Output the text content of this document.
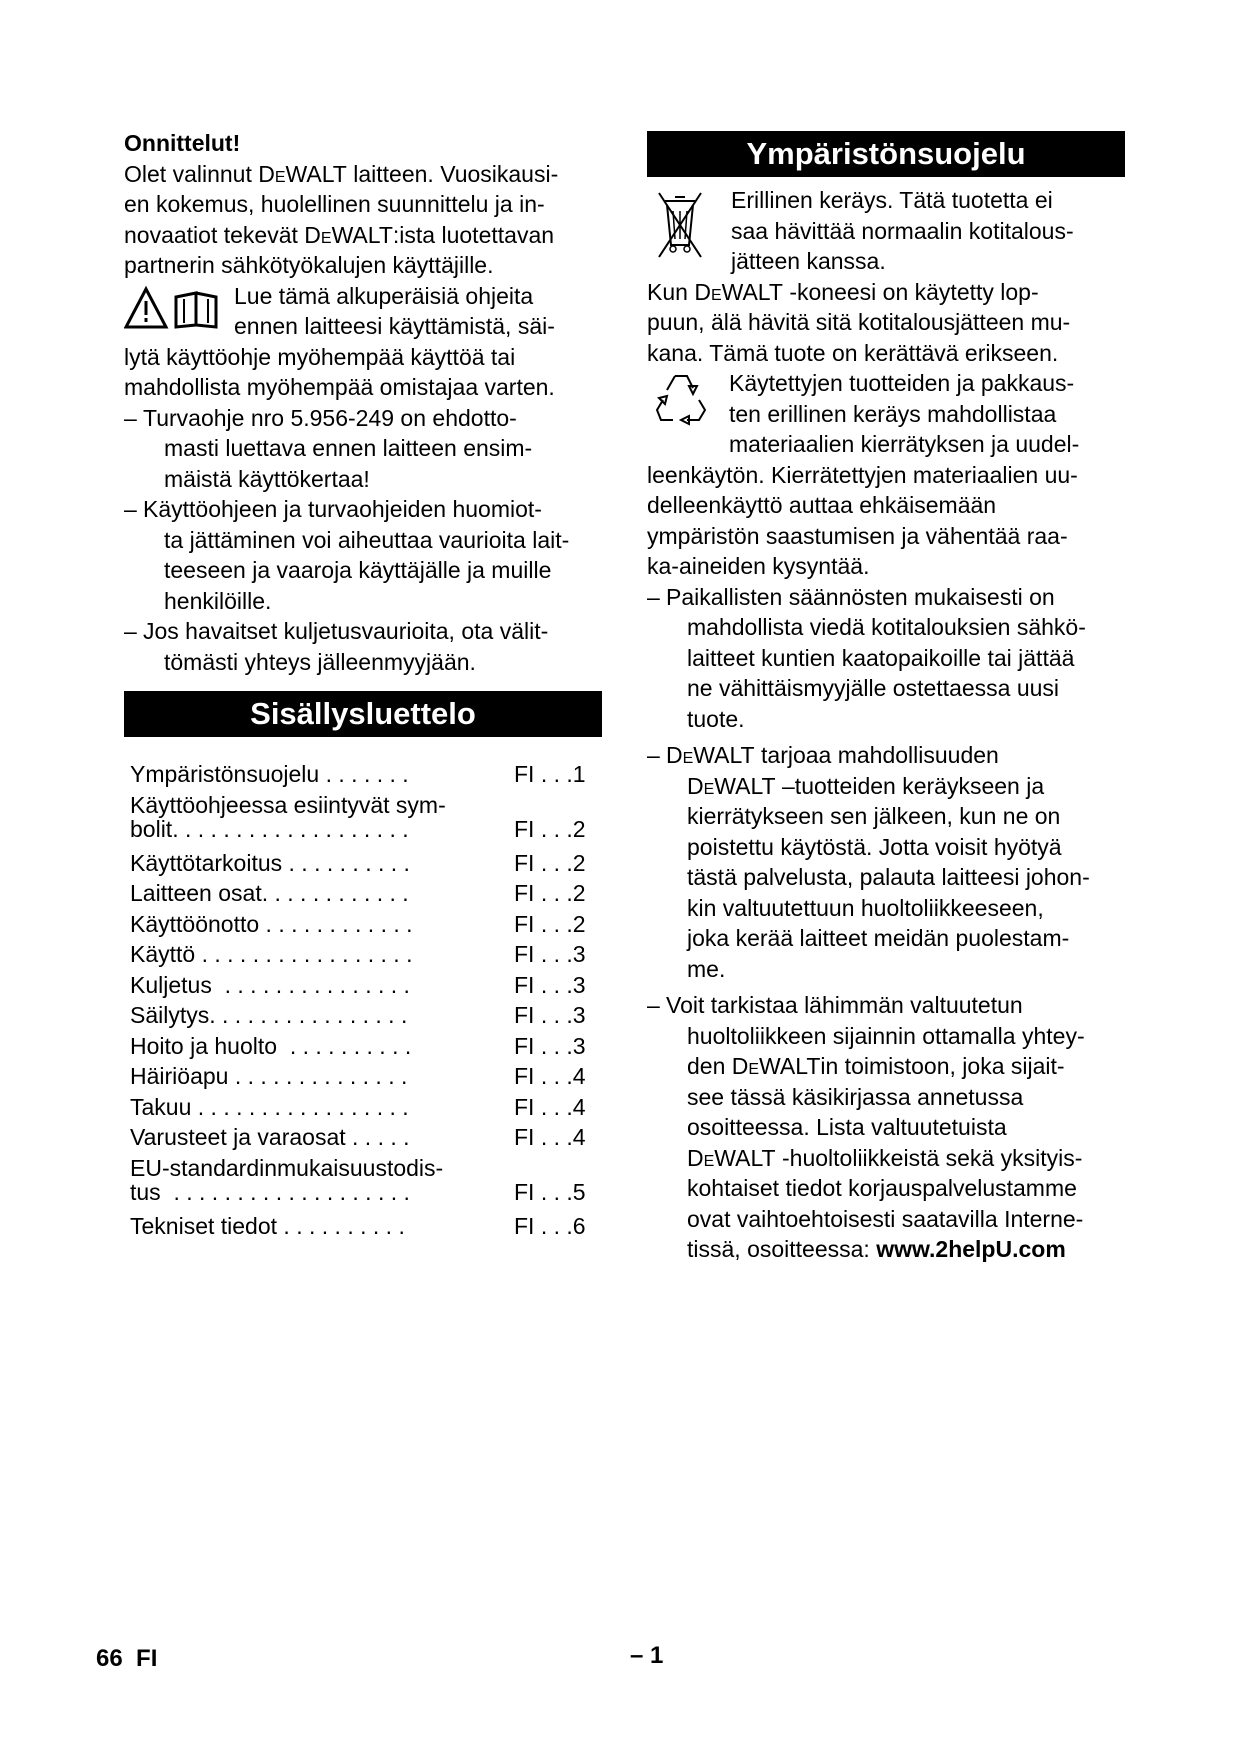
Onnittelut!

Olet valinnut DeWALT laitteen. Vuosikausi-

en kokemus, huolellinen suunnittelu ja in-

novaatiot tekevät DeWALT:ista luotettavan

partnerin sähkötyökalujen käyttäjille.

Lue tämä alkuperäisiä ohjeita

ennen laitteesi käyttämistä, säi-

lytä käyttöohje myöhempää käyttöä tai

mahdollista myöhempää omistajaa varten.

– Turvaohje nro 5.956-249 on ehdotto-
masti luettava ennen laitteen ensim-
mäistä käyttökertaa!

– Käyttöohjeen ja turvaohjeiden huomiot-
ta jättäminen voi aiheuttaa vaurioita lait-
teeseen ja vaaroja käyttäjälle ja muille
henkilöille.

– Jos havaitset kuljetusvaurioita, ota välit-
tömästi yhteys jälleenmyyjään.

Sisällysluettelo
Ympäristönsuojelu . . . . . . .	FI . . .1
Käyttöohjeessa esiintyvät sym-
bolit. . . . . . . . . . . . . . . . . . .	FI . . .2
Käyttötarkoitus . . . . . . . . . .	FI . . .2
Laitteen osat. . . . . . . . . . . .	FI . . .2
Käyttöönotto . . . . . . . . . . . .	FI . . .2
Käyttö . . . . . . . . . . . . . . . . .	FI . . .3
Kuljetus  . . . . . . . . . . . . . . .	FI . . .3
Säilytys. . . . . . . . . . . . . . . .	FI . . .3
Hoito ja huolto  . . . . . . . . . .	FI . . .3
Häiriöapu . . . . . . . . . . . . . .	FI . . .4
Takuu . . . . . . . . . . . . . . . . .	FI . . .4
Varusteet ja varaosat . . . . .	FI . . .4
EU-standardinmukaisuustodis-
tus  . . . . . . . . . . . . . . . . . . .	FI . . .5
Tekniset tiedot . . . . . . . . . .	FI . . .6
Ympäristönsuojelu

Erillinen keräys. Tätä tuotetta ei

saa hävittää normaalin kotitalous-

jätteen kanssa.

Kun DeWALT -koneesi on käytetty lop-

puun, älä hävitä sitä kotitalousjätteen mu-

kana. Tämä tuote on kerättävä erikseen.

Käytettyjen tuotteiden ja pakkaus-

ten erillinen keräys mahdollistaa

materiaalien kierrätyksen ja uudel-

leenkäytön. Kierrätettyjen materiaalien uu-

delleenkäyttö auttaa ehkäisemään

ympäristön saastumisen ja vähentää raa-

ka-aineiden kysyntää.

– Paikallisten säännösten mukaisesti on
mahdollista viedä kotitalouksien sähkö-
laitteet kuntien kaatopaikoille tai jättää
ne vähittäismyyjälle ostettaessa uusi
tuote.

– DeWALT tarjoaa mahdollisuuden
DeWALT –tuotteiden keräykseen ja
kierrätykseen sen jälkeen, kun ne on
poistettu käytöstä. Jotta voisit hyötyä
tästä palvelusta, palauta laitteesi johon-
kin valtuutettuun huoltoliikkeeseen,
joka kerää laitteet meidän puolestam-
me.

– Voit tarkistaa lähimmän valtuutetun
huoltoliikkeen sijainnin ottamalla yhtey-
den DeWALTin toimistoon, joka sijait-
see tässä käsikirjassa annetussa
osoitteessa. Lista valtuutetuista
DeWALT -huoltoliikkeistä sekä yksityis-
kohtaiset tiedot korjauspalvelustamme
ovat vaihtoehtoisesti saatavilla Interne-
tissä, osoitteessa: www.2helpU.com

66 FI	– 1
